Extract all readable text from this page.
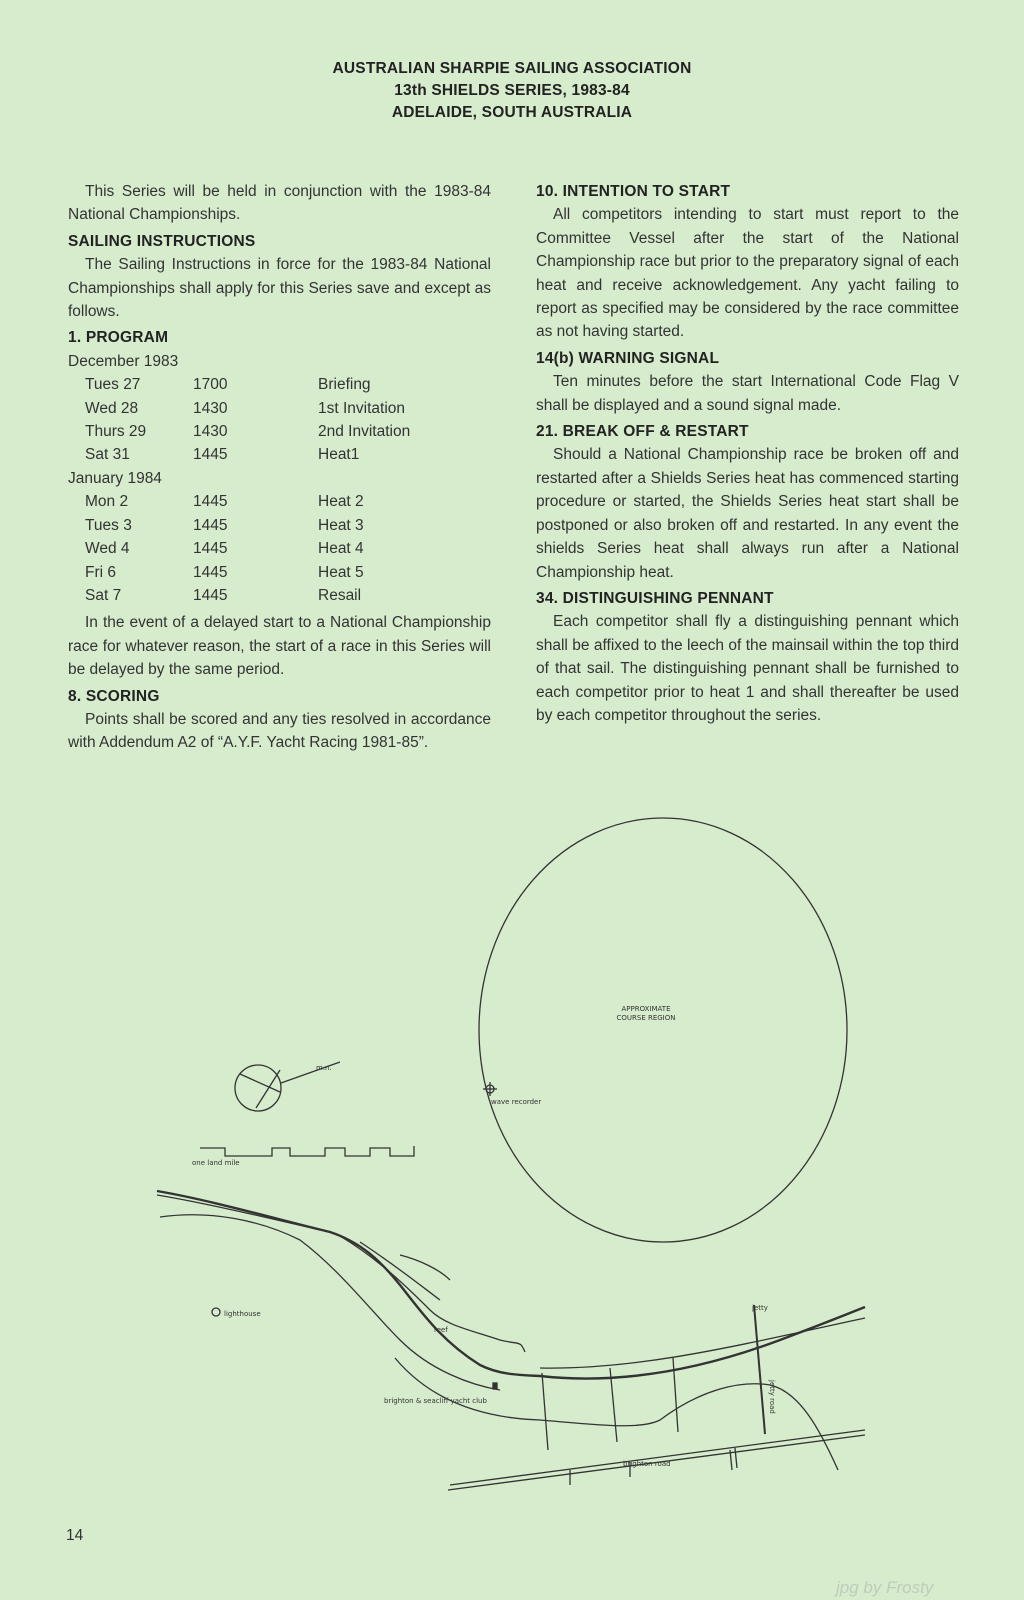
AUSTRALIAN SHARPIE SAILING ASSOCIATION
13th SHIELDS SERIES, 1983-84
ADELAIDE, SOUTH AUSTRALIA

This Series will be held in conjunction with the 1983-84 National Championships.

SAILING INSTRUCTIONS

The Sailing Instructions in force for the 1983-84 National Championships shall apply for this Series save and except as follows.

1. PROGRAM
December 1983
Tues 27	1700	Briefing
Wed 28	1430	1st Invitation
Thurs 29	1430	2nd Invitation
Sat 31	1445	Heat1
January 1984
Mon 2	1445	Heat 2
Tues 3	1445	Heat 3
Wed 4	1445	Heat 4
Fri 6	1445	Heat 5
Sat 7	1445	Resail

In the event of a delayed start to a National Championship race for whatever reason, the start of a race in this Series will be delayed by the same period.

8. SCORING

Points shall be scored and any ties resolved in accordance with Addendum A2 of “A.Y.F. Yacht Racing 1981-85”.

10. INTENTION TO START

All competitors intending to start must report to the Committee Vessel after the start of the National Championship race but prior to the preparatory signal of each heat and receive acknowledgement. Any yacht failing to report as specified may be considered by the race committee as not having started.

14(b) WARNING SIGNAL

Ten minutes before the start International Code Flag V shall be displayed and a sound signal made.

21. BREAK OFF & RESTART

Should a National Championship race be broken off and restarted after a Shields Series heat has commenced starting procedure or started, the Shields Series heat start shall be postponed or also broken off and restarted. In any event the shields Series heat shall always run after a National Championship heat.

34. DISTINGUISHING PENNANT

Each competitor shall fly a distinguishing pennant which shall be affixed to the leech of the mainsail within the top third of that sail. The distinguishing pennant shall be furnished to each competitor prior to heat 1 and shall thereafter be used by each competitor throughout the series.

APPROXIMATE
COURSE REGION
wave recorder
m.n.
one land mile
lighthouse
reef
brighton & seacliff yacht club
jetty
jetty road
brighton road
14
jpg by Frosty
